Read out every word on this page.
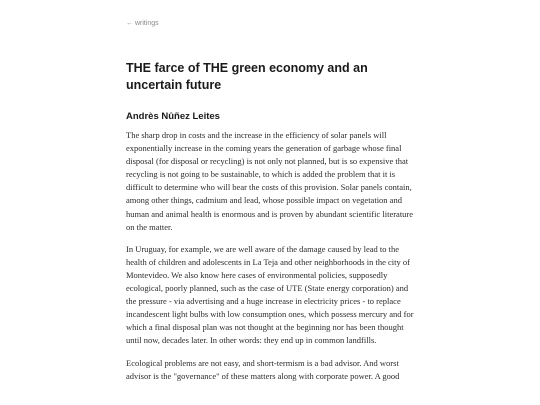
← writings
THE farce of THE green economy and an uncertain future
Andrès Nûñez Leites

The sharp drop in costs and the increase in the efficiency of solar panels will exponentially increase in the coming years the generation of garbage whose final disposal (for disposal or recycling) is not only not planned, but is so expensive that recycling is not going to be sustainable, to which is added the problem that it is difficult to determine who will bear the costs of this provision. Solar panels contain, among other things, cadmium and lead, whose possible impact on vegetation and human and animal health is enormous and is proven by abundant scientific literature on the matter.

In Uruguay, for example, we are well aware of the damage caused by lead to the health of children and adolescents in La Teja and other neighborhoods in the city of Montevideo. We also know here cases of environmental policies, supposedly ecological, poorly planned, such as the case of UTE (State energy corporation) and the pressure - via advertising and a huge increase in electricity prices - to replace incandescent light bulbs with low consumption ones, which possess mercury and for which a final disposal plan was not thought at the beginning nor has been thought until now, decades later. In other words: they end up in common landfills.

Ecological problems are not easy, and short-termism is a bad advisor. And worst advisor is the "governance" of these matters along with corporate power. A good
